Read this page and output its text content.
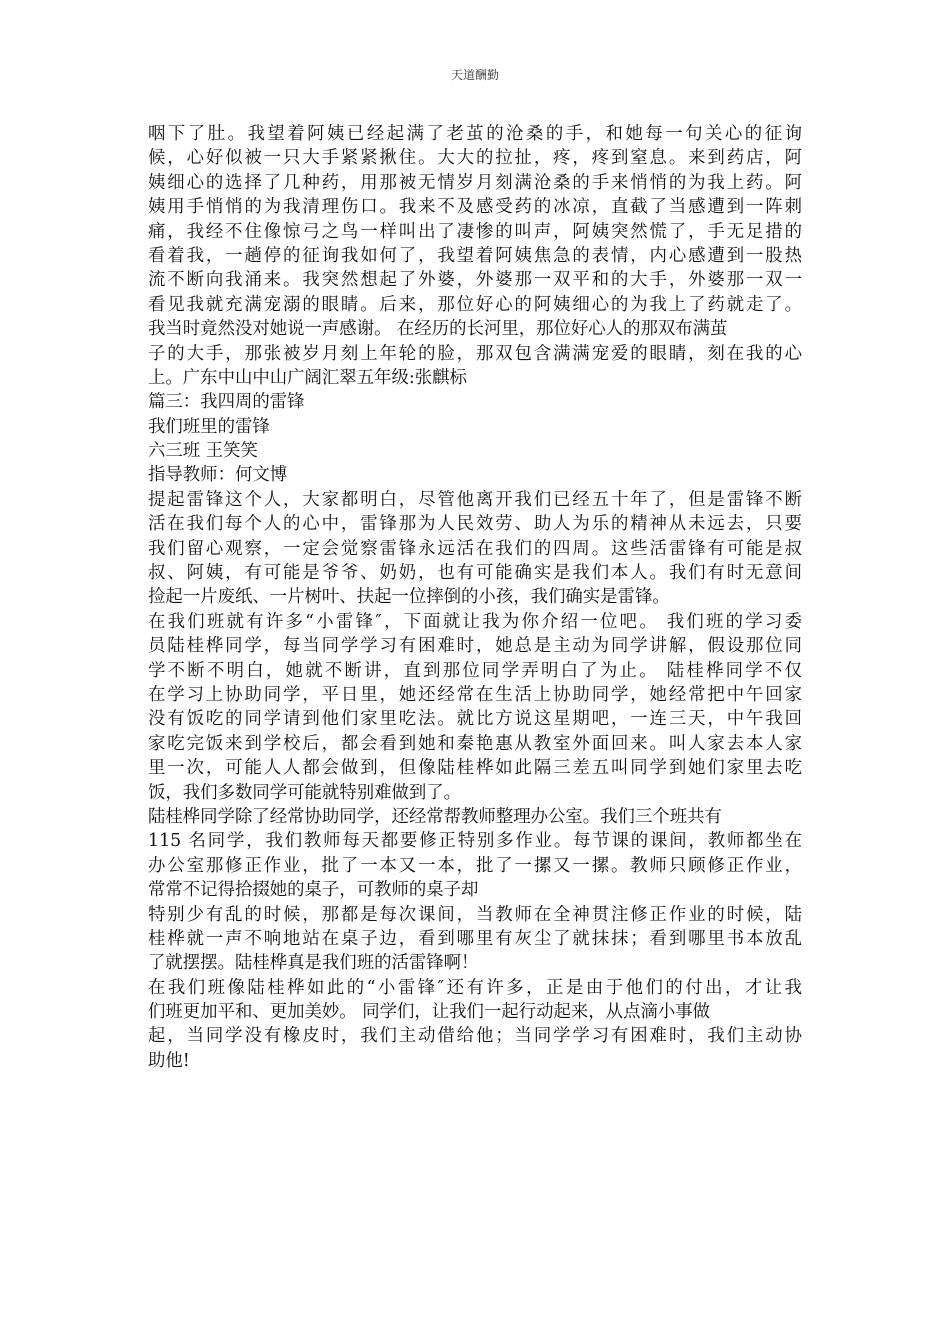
天道酬勤
咽下了肚。我望着阿姨已经起满了老茧的沧桑的手，和她每一句关心的征询
候，心好似被一只大手紧紧揪住。大大的拉扯，疼，疼到窒息。来到药店，阿
姨细心的选择了几种药，用那被无情岁月刻满沧桑的手来悄悄的为我上药。阿
姨用手悄悄的为我清理伤口。我来不及感受药的冰凉，直截了当感遭到一阵刺
痛，我经不住像惊弓之鸟一样叫出了凄惨的叫声，阿姨突然慌了，手无足措的
看着我，一趟停的征询我如何了，我望着阿姨焦急的表情，内心感遭到一股热
流不断向我涌来。我突然想起了外婆，外婆那一双平和的大手，外婆那一双一
看见我就充满宠溺的眼睛。后来，那位好心的阿姨细心的为我上了药就走了。
我当时竟然没对她说一声感谢。 在经历的长河里，那位好心人的那双布满茧
子的大手，那张被岁月刻上年轮的脸，那双包含满满宠爱的眼睛，刻在我的心
上。广东中山中山广阔汇翠五年级:张麒标
篇三：我四周的雷锋
我们班里的雷锋
六三班 王笑笑
指导教师：何文博
提起雷锋这个人，大家都明白，尽管他离开我们已经五十年了，但是雷锋不断
活在我们每个人的心中，雷锋那为人民效劳、助人为乐的精神从未远去，只要
我们留心观察，一定会觉察雷锋永远活在我们的四周。这些活雷锋有可能是叔
叔、阿姨，有可能是爷爷、奶奶，也有可能确实是我们本人。我们有时无意间
捡起一片废纸、一片树叶、扶起一位摔倒的小孩，我们确实是雷锋。
在我们班就有许多“小雷锋″，下面就让我为你介绍一位吧。 我们班的学习委
员陆桂桦同学，每当同学学习有困难时，她总是主动为同学讲解，假设那位同
学不断不明白，她就不断讲，直到那位同学弄明白了为止。 陆桂桦同学不仅
在学习上协助同学，平日里，她还经常在生活上协助同学，她经常把中午回家
没有饭吃的同学请到他们家里吃法。就比方说这星期吧，一连三天，中午我回
家吃完饭来到学校后，都会看到她和秦艳惠从教室外面回来。叫人家去本人家
里一次，可能人人都会做到，但像陆桂桦如此隔三差五叫同学到她们家里去吃
饭，我们多数同学可能就特别难做到了。
陆桂桦同学除了经常协助同学，还经常帮教师整理办公室。我们三个班共有
115 名同学，我们教师每天都要修正特别多作业。每节课的课间，教师都坐在
办公室那修正作业，批了一本又一本，批了一摞又一摞。教师只顾修正作业，
常常不记得拾掇她的桌子，可教师的桌子却
特别少有乱的时候，那都是每次课间，当教师在全神贯注修正作业的时候，陆
桂桦就一声不响地站在桌子边，看到哪里有灰尘了就抹抹；看到哪里书本放乱
了就摆摆。陆桂桦真是我们班的活雷锋啊！
在我们班像陆桂桦如此的“小雷锋″还有许多，正是由于他们的付出，才让我
们班更加平和、更加美妙。 同学们，让我们一起行动起来，从点滴小事做
起，当同学没有橡皮时，我们主动借给他；当同学学习有困难时，我们主动协
助他!
